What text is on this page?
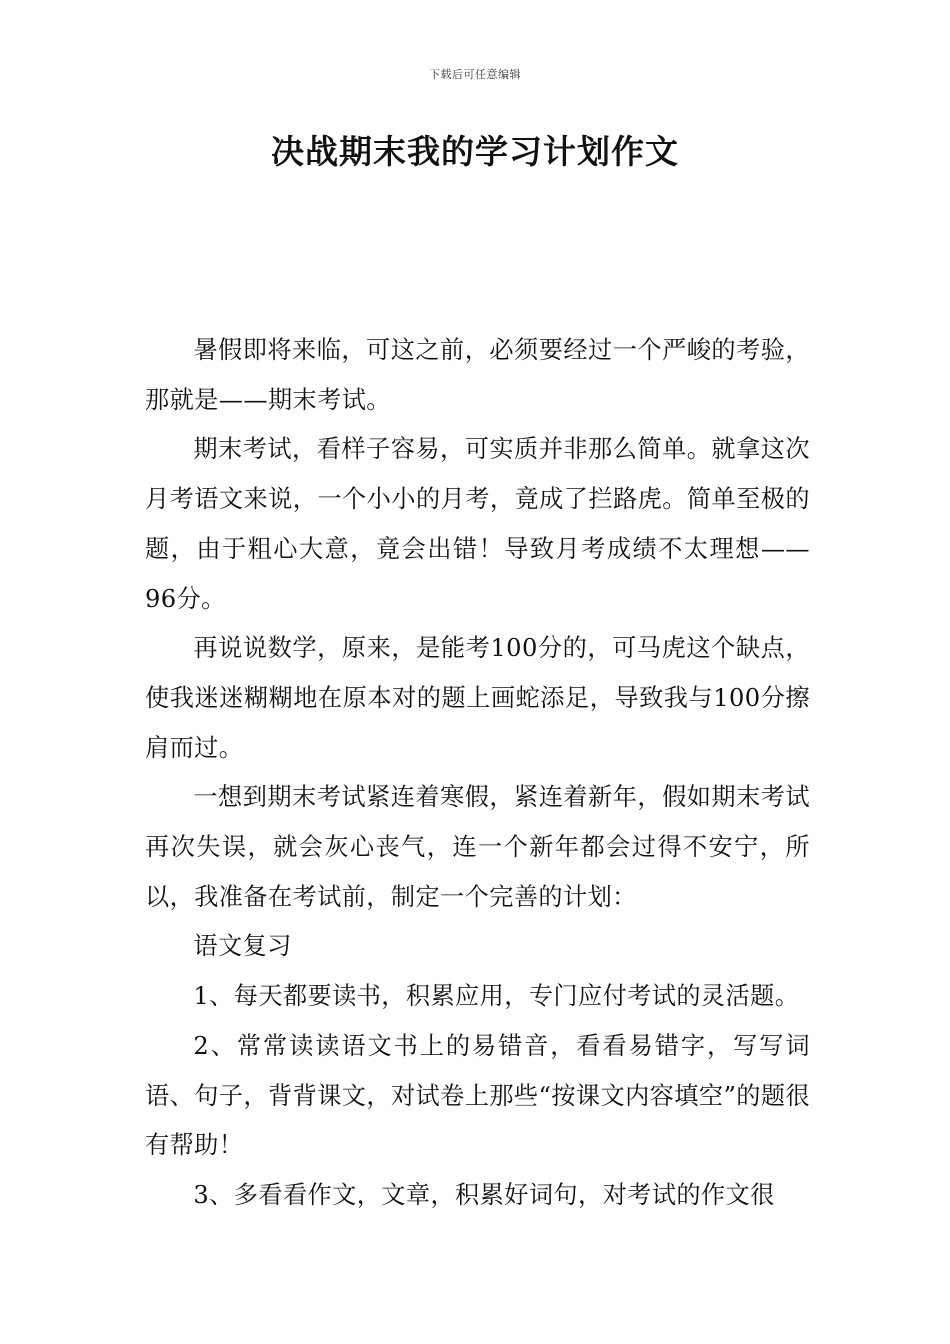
下载后可任意编辑
决战期末我的学习计划作文

暑假即将来临，可这之前，必须要经过一个严峻的考验，那就是——期末考试。

期末考试，看样子容易，可实质并非那么简单。就拿这次月考语文来说，一个小小的月考，竟成了拦路虎。简单至极的题，由于粗心大意，竟会出错！导致月考成绩不太理想——96分。

再说说数学，原来，是能考100分的，可马虎这个缺点，使我迷迷糊糊地在原本对的题上画蛇添足，导致我与100分擦肩而过。

一想到期末考试紧连着寒假，紧连着新年，假如期末考试再次失误，就会灰心丧气，连一个新年都会过得不安宁，所以，我准备在考试前，制定一个完善的计划：

语文复习

1、每天都要读书，积累应用，专门应付考试的灵活题。

2、常常读读语文书上的易错音，看看易错字，写写词语、句子，背背课文，对试卷上那些“按课文内容填空”的题很有帮助！

3、多看看作文，文章，积累好词句，对考试的作文很
